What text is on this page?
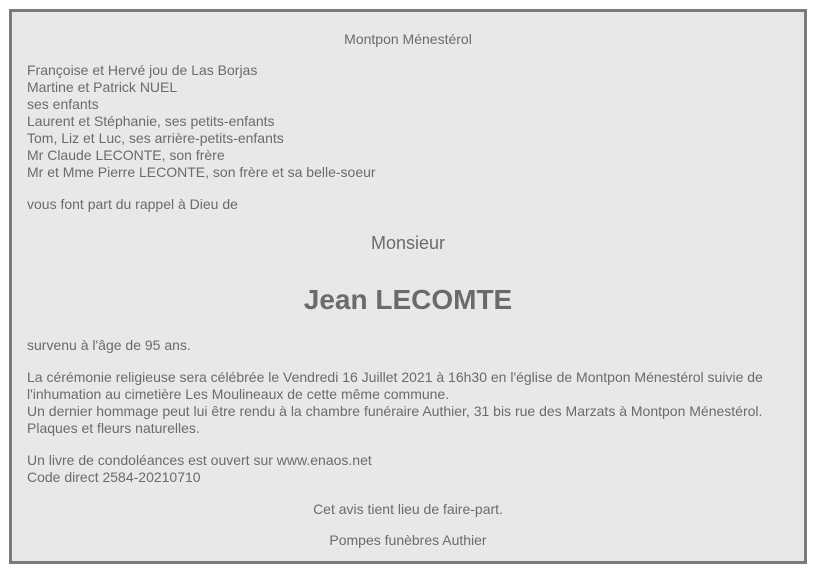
Montpon Ménestérol
Françoise et Hervé jou de Las Borjas
Martine et Patrick NUEL
ses enfants
Laurent et Stéphanie, ses petits-enfants
Tom, Liz et Luc, ses arrière-petits-enfants
Mr Claude LECONTE, son frère
Mr et Mme Pierre LECONTE, son frère et sa belle-soeur
vous font part du rappel à Dieu de
Monsieur
Jean LECOMTE
survenu à l'âge de 95 ans.
La cérémonie religieuse sera célébrée le Vendredi 16 Juillet 2021 à 16h30 en l'église de Montpon Ménestérol suivie de l'inhumation au cimetière Les Moulineaux de cette même commune.
Un dernier hommage peut lui être rendu à la chambre funéraire Authier, 31 bis rue des Marzats à Montpon Ménestérol.
Plaques et fleurs naturelles.
Un livre de condoléances est ouvert sur www.enaos.net
Code direct 2584-20210710
Cet avis tient lieu de faire-part.
Pompes funèbres Authier
